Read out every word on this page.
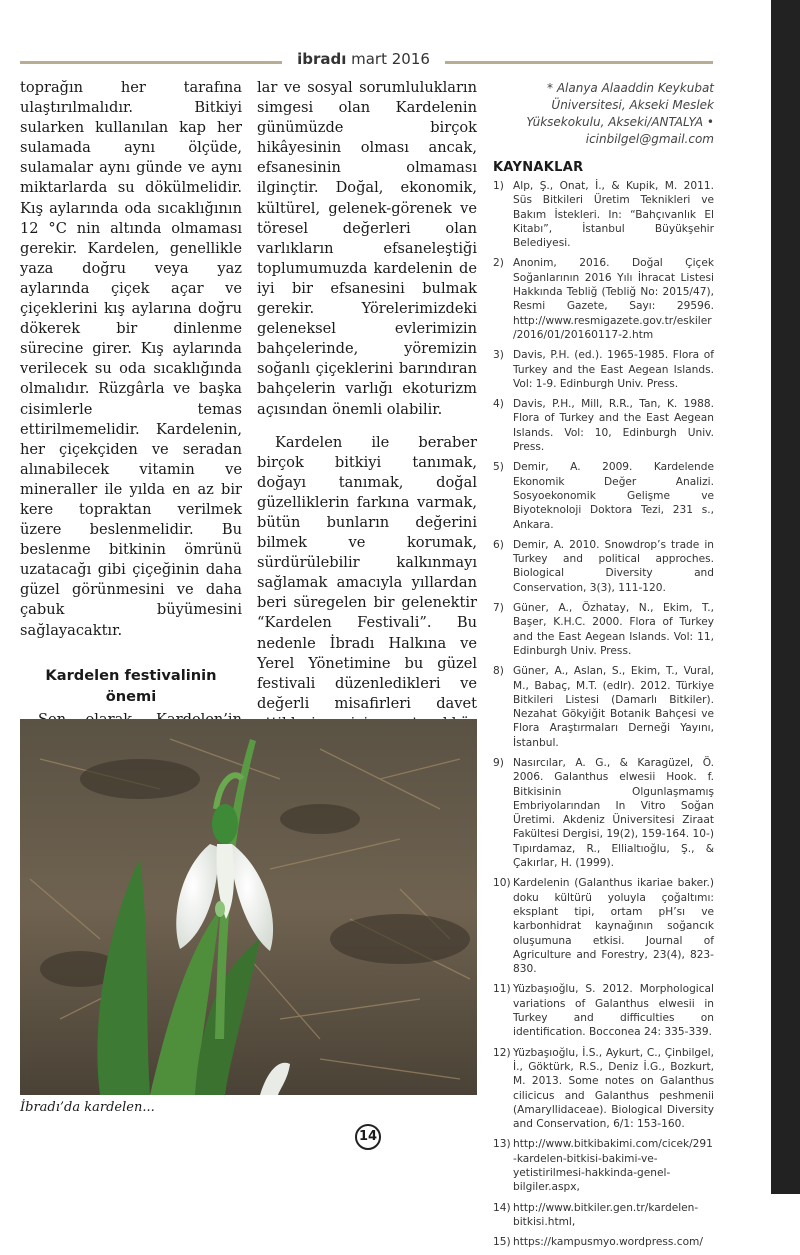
ibradı mart 2016

toprağın her tarafına ulaştırılmalıdır. Bitkiyi sularken kullanılan kap her sulamada aynı ölçüde, sulamalar aynı günde ve aynı miktarlarda su dökülmelidir. Kış aylarında oda sıcaklığının 12 °C nin altında olmaması gerekir. Kardelen, genellikle yaza doğru veya yaz aylarında çiçek açar ve çiçeklerini kış aylarına doğru dökerek bir dinlenme sürecine girer. Kış aylarında verilecek su oda sıcaklığında olmalıdır. Rüzgârla ve başka cisimlerle temas ettirilmemelidir. Kardelenin, her çiçekçiden ve seradan alınabilecek vitamin ve mineraller ile yılda en az bir kere topraktan verilmek üzere beslenmelidir. Bu beslenme bitkinin ömrünü uzatacağı gibi çiçeğinin daha güzel görünmesini ve daha çabuk büyümesini sağlayacaktır.

Kardelen festivalinin
önemi

lar ve sosyal sorumlulukların simgesi olan Kardelenin günümüzde birçok hikâyesinin olması ancak, efsanesinin olmaması ilginçtir. Doğal, ekonomik, kültürel, gelenek-görenek ve töresel değerleri olan varlıkların efsaneleştiği toplumumuzda kardelenin de iyi bir efsanesini bulmak gerekir. Yörelerimizdeki geleneksel evlerimizin bahçelerinde, yöremizin soğanlı çiçeklerini barındıran bahçelerin varlığı ekoturizm açısından önemli olabilir.

Kardelen ile beraber birçok bitkiyi tanımak, doğayı tanımak, doğal güzelliklerin farkına varmak, bütün bunların değerini bilmek ve korumak, sürdürülebilir kalkınmayı sağlamak amacıyla yıllardan beri süregelen bir gelenektir “Kardelen Festivali”. Bu nedenle İbradı Halkına ve Yerel Yönetimine bu güzel festivali düzenledikleri ve değerli misafirleri davet

İbradı’da kardelen...
* Alanya Alaaddin Keykubat Üniversitesi, Akseki Meslek Yüksekokulu, Akseki/ANTALYA • icinbilgel@gmail.com
KAYNAKLAR
1) Alp, Ş., Onat, İ., & Kupik, M. 2011. Süs Bitkileri Üretim Teknikleri ve Bakım İstekleri. In: “Bahçıvanlık El Kitabı”, İstanbul Büyükşehir Belediyesi.
2) Anonim, 2016. Doğal Çiçek Soğanlarının 2016 Yılı İhracat Listesi Hakkında Tebliğ (Tebliğ No: 2015/47), Resmi Gazete, Sayı: 29596. http://www.resmigazete.gov.tr/eskiler/2016/01/20160117-2.htm
3) Davis, P.H. (ed.). 1965-1985. Flora of Turkey and the East Aegean Islands. Vol: 1-9. Edinburgh Univ. Press.
4) Davis, P.H., Mill, R.R., Tan, K. 1988. Flora of Turkey and the East Aegean Islands. Vol: 10, Edinburgh Univ. Press.
5) Demir, A. 2009. Kardelende Ekonomik Değer Analizi. Sosyoekonomik Gelişme ve Biyoteknoloji Doktora Tezi, 231 s., Ankara.
6) Demir, A. 2010. Snowdrop’s trade in Turkey and political approches. Biological Diversity and Conservation, 3(3), 111-120.
7) Güner, A., Özhatay, N., Ekim, T., Başer, K.H.C. 2000. Flora of Turkey and the East Aegean Islands. Vol: 11, Edinburgh Univ. Press.
8) Güner, A., Aslan, S., Ekim, T., Vural, M., Babaç, M.T. (edlr). 2012. Türkiye Bitkileri Listesi (Damarlı Bitkiler). Nezahat Gökyiğit Botanik Bahçesi ve Flora Araştırmaları Derneği Yayını, İstanbul.
9) Nasırcılar, A. G., & Karagüzel, Ö. 2006. Galanthus elwesii Hook. f. Bitkisinin Olgunlaşmamış Embriyolarından In Vitro Soğan Üretimi. Akdeniz Üniversitesi Ziraat Fakültesi Dergisi, 19(2), 159-164. 10-) Tıpırdamaz, R., Ellialtıoğlu, Ş., & Çakırlar, H. (1999).
10) Kardelenin (Galanthus ikariae baker.) doku kültürü yoluyla çoğaltımı: eksplant tipi, ortam pH’sı ve karbonhidrat kaynağının soğancık oluşumuna etkisi. Journal of Agriculture and Forestry, 23(4), 823-830.
11) Yüzbaşıoğlu, S. 2012. Morphological variations of Galanthus elwesii in Turkey and difficulties on identification. Bocconea 24: 335-339.
12) Yüzbaşıoğlu, İ.S., Aykurt, C., Çinbilgel, İ., Göktürk, R.S., Deniz İ.G., Bozkurt, M. 2013. Some notes on Galanthus cilicicus and Galanthus peshmenii (Amaryllidaceae). Biological Diversity and Conservation, 6/1: 153-160.
13) http://www.bitkibakimi.com/cicek/291-kardelen-bitkisi-bakimi-ve-yetistirilmesi-hakkinda-genel-bilgiler.aspx,
14) http://www.bitkiler.gen.tr/kardelen-bitkisi.html,
15) https://kampusmyo.wordpress.com/
14
